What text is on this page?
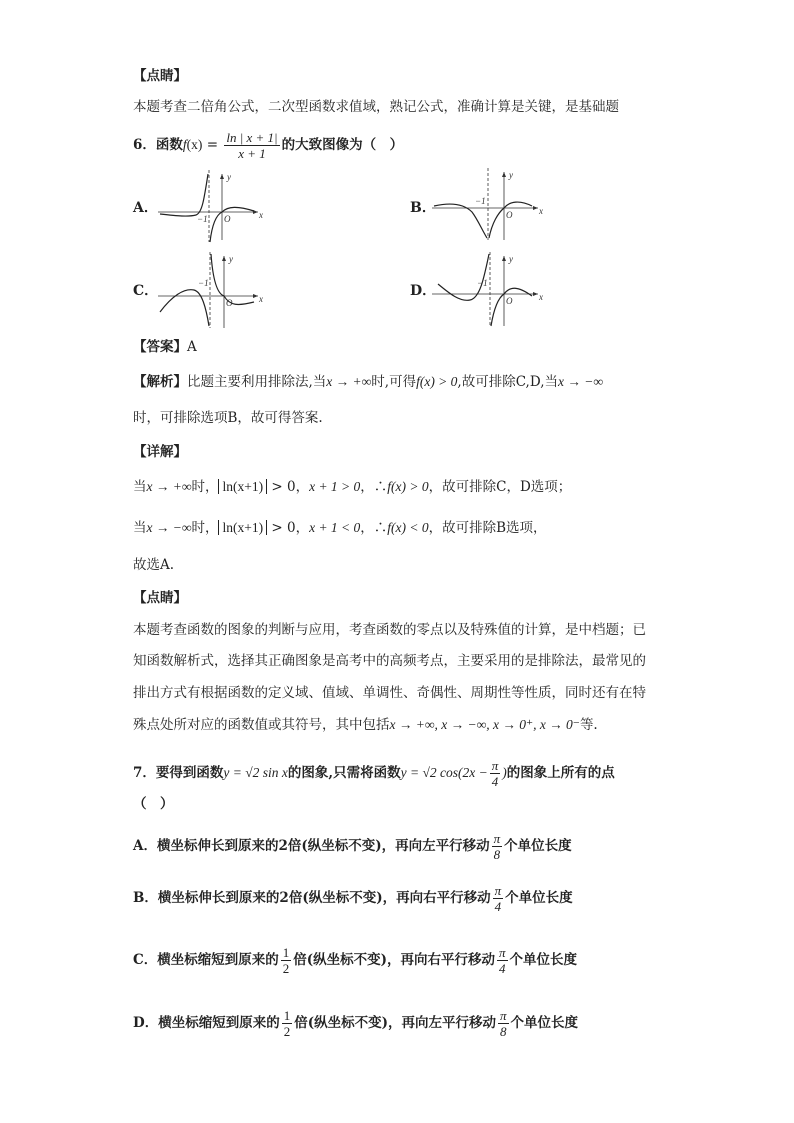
【点睛】
本题考查二倍角公式，二次型函数求值域，熟记公式，准确计算是关键，是基础题
6．函数$f(x) = \frac{\ln | x + 1|}{x + 1}$ 的大致图像为（　）
A．
y
−1 O	x	B．
y
−1
O	x
C．
y
−1
O	x	D．
y
−1
O	x
【答案】A
【解析】比题主要利用排除法,当x → +∞时,可得f(x) > 0,故可排除C,D,当x → −∞
时，可排除选项B，故可得答案.
【详解】
当x → +∞时， ln(x+1) > 0，x + 1 > 0，∴f(x) > 0，故可排除C，D选项；
当x → −∞时， ln(x+1) > 0，x + 1 < 0，∴f(x) < 0，故可排除B选项，
故选A.
【点睛】
本题考查函数的图象的判断与应用，考查函数的零点以及特殊值的计算，是中档题；已
知函数解析式，选择其正确图象是高考中的高频考点，主要采用的是排除法，最常见的
排出方式有根据函数的定义域、值域、单调性、奇偶性、周期性等性质，同时还有在特
殊点处所对应的函数值或其符号，其中包括x → +∞, x → −∞, x → 0⁺, x → 0⁻等.
7．要得到函数y = √2 sin x的图象,只需将函数y = √2 $\cos(2x - \frac{\pi}{4}$ )的图象上所有的点
（　）
A．横坐标伸长到原来的2倍(纵坐标不变)，再向左平行移动 $\frac{\pi}{8}$ 个单位长度
B．横坐标伸长到原来的2倍(纵坐标不变)，再向右平行移动 $\frac{\pi}{4}$ 个单位长度
C．横坐标缩短到原来的 $\frac{1}{2}$ 倍(纵坐标不变)，再向右平行移动 $\frac{\pi}{4}$ 个单位长度
D．横坐标缩短到原来的 $\frac{1}{2}$ 倍(纵坐标不变)，再向左平行移动 $\frac{\pi}{8}$ 个单位长度
